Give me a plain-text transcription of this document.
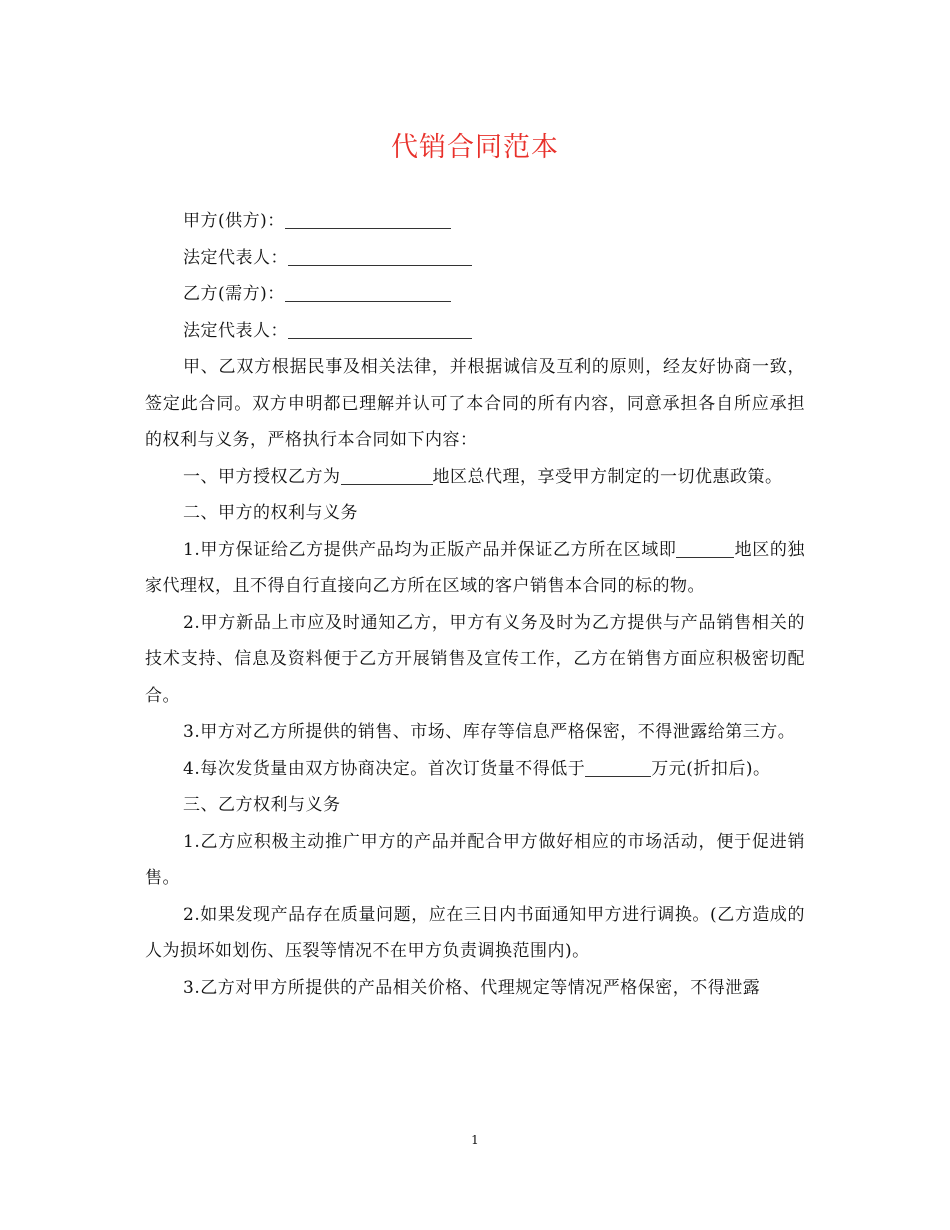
代销合同范本
甲方(供方)：
法定代表人：
乙方(需方)：
法定代表人：

甲、乙双方根据民事及相关法律，并根据诚信及互利的原则，经友好协商一致，签定此合同。双方申明都已理解并认可了本合同的所有内容，同意承担各自所应承担的权利与义务，严格执行本合同如下内容：

一、甲方授权乙方为	地区总代理，享受甲方制定的一切优惠政策。

二、甲方的权利与义务

1.甲方保证给乙方提供产品均为正版产品并保证乙方所在区域即	地区的独家代理权，且不得自行直接向乙方所在区域的客户销售本合同的标的物。

2.甲方新品上市应及时通知乙方，甲方有义务及时为乙方提供与产品销售相关的技术支持、信息及资料便于乙方开展销售及宣传工作，乙方在销售方面应积极密切配合。

3.甲方对乙方所提供的销售、市场、库存等信息严格保密，不得泄露给第三方。

4.每次发货量由双方协商决定。首次订货量不得低于	万元(折扣后)。

三、乙方权利与义务

1.乙方应积极主动推广甲方的产品并配合甲方做好相应的市场活动，便于促进销售。

2.如果发现产品存在质量问题，应在三日内书面通知甲方进行调换。(乙方造成的人为损坏如划伤、压裂等情况不在甲方负责调换范围内)。

3.乙方对甲方所提供的产品相关价格、代理规定等情况严格保密，不得泄露

1
